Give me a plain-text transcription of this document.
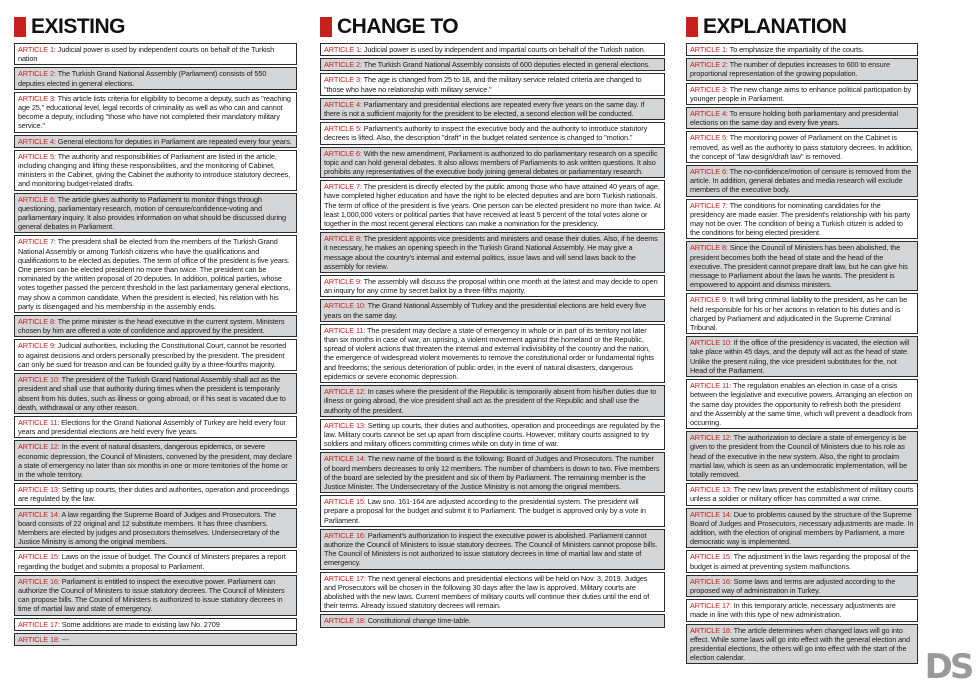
EXISTING
ARTICLE 1: Judicial power is used by independent courts on behalf of the Turkish nation
ARTICLE 2: The Turkish Grand National Assembly (Parliament) consists of 550 deputies elected in general elections.
ARTICLE 3: This article lists criteria for eligibility to become a deputy, such as "reaching age 25," educational level, legal records of criminality as well as who can and cannot become a deputy, including "those who have not completed their mandatory military service."
ARTICLE 4: General elections for deputies in Parliament are repeated every four years.
ARTICLE 5: The authority and responsibilities of Parliament are listed in the article, including changing and lifting these responsibilities, and the monitoring of Cabinet, ministers in the Cabinet, giving the Cabinet the authority to introduce statutory decrees, and monitoring budget-related drafts.
ARTICLE 6: The article gives authority to Parliament to monitor things through questioning, parliamentary research, motion of censure/confidence-voting and parliamentary inquiry. It also provides information on what should be discussed during general debates in Parliament.
ARTICLE 7: The president shall be elected from the members of the Turkish Grand National Assembly or among Turkish citizens who have the qualifications and qualifications to be elected as deputies. The term of office of the president is five years. One person can be elected president no more than twice. The president can be nominated by the written proposal of 20 deputies. In addition, political parties, whose votes together passed the percent threshold in the last parliamentary general elections, may show a common candidate. When the president is elected, his relation with his party is disengaged and his membership in the assembly ends.
ARTICLE 8: The prime minister is the head executive in the current system. Ministers chosen by him are offered a vote of confidence and approved by the president.
ARTICLE 9: Judicial authorities, including the Constitutional Court, cannot be resorted to against decisions and orders personally prescribed by the president. The president can only be sued for treason and can be founded guilty by a three-fourths majority.
ARTICLE 10: The president of the Turkish Grand National Assembly shall act as the president and shall use that authority during times when the president is temporarily absent from his duties, such as illness or going abroad, or if his seat is vacated due to death, withdrawal or any other reason.
ARTICLE 11: Elections for the Grand National Assembly of Turkey are held every four years and presidential elections are held every five years.
ARTICLE 12: In the event of natural disasters, dangerous epidemics, or severe economic depression, the Council of Ministers, convened by the president, may declare a state of emergency no later than six months in one or more territories of the home or in the whole territory.
ARTICLE 13: Setting up courts, their duties and authorities, operation and proceedings are regulated by the law.
ARTICLE 14: A law regarding the Supreme Board of Judges and Prosecutors. The board consists of 22 original and 12 substitute members. It has three chambers. Members are elected by judges and prosecutors themselves. Undersecretary of the Justice Ministry is among the original members.
ARTICLE 15: Laws on the issue of budget. The Council of Ministers prepares a report regarding the budget and submits a proposal to Parliament.
ARTICLE 16: Parliament is entitled to inspect the executive power. Parliament can authorize the Council of Ministers to issue statutory decrees. The Council of Ministers can propose bills. The Council of Ministers is authorized to issue statutory decrees in time of martial law and state of emergency.
ARTICLE 17: Some additions are made to existing law No. 2709
ARTICLE 18: ---
CHANGE TO
ARTICLE 1: Judicial power is used by independent and impartial courts on behalf of the Turkish nation.
ARTICLE 2: The Turkish Grand National Assembly consists of 600 deputies elected in general elections.
ARTICLE 3: The age is changed from 25 to 18, and the military service related criteria are changed to "those who have no relationship with military service."
ARTICLE 4: Parliamentary and presidential elections are repeated every five years on the same day. If there is not a sufficient majority for the president to be elected, a second election will be conducted.
ARTICLE 5: Parliament's authority to inspect the executive body and the authority to introduce statutory decrees is lifted. Also, the description "draft" in the budget related sentence is changed to "motion."
ARTICLE 6: With the new amendment, Parliament is authorized to do parliamentary research on a specific topic and can hold general debates. It also allows members of Parliaments to ask written questions. It also prohibits any representatives of the executive body joining general debates or parliamentary research.
ARTICLE 7: The president is directly elected by the public among those who have attained 40 years of age, have completed higher education and have the right to be elected deputies and are born Turkish nationals. The term of office of the president is five years. One person can be elected president no more than twice. At least 1,000,000 voters or political parties that have received at least 5 percent of the total votes alone or together in the most recent general elections can make a nomination for the presidency.
ARTICLE 8: The president appoints vice presidents and ministers and cease their duties. Also, if he deems it necessary, he makes an opening speech in the Turkish Grand National Assembly. He may give a message about the country's internal and external politics, issue laws and will send laws back to the assembly for review.
ARTICLE 9: The assembly will discuss the proposal within one month at the latest and may decide to open an inquiry for any crime by secret ballot by a three-fifths majority.
ARTICLE 10: The Grand National Assembly of Turkey and the presidential elections are held every five years on the same day.
ARTICLE 11: The president may declare a state of emergency in whole or in part of its territory not later than six months in case of war, an uprising, a violent movement against the homeland or the Republic, spread of violent actions that threaten the internal and external indivisibility of the country and the nation, the emergence of widespread violent movements to remove the constitutional order or fundamental rights and freedoms; the serious deterioration of public order, in the event of natural disasters, dangerous epidemics or severe economic depression.
ARTICLE 12: In cases where the president of the Republic is temporarily absent from his/her duties due to illness or going abroad, the vice president shall act as the president of the Republic and shall use the authority of the president.
ARTICLE 13: Setting up courts, their duties and authorities, operation and proceedings are regulated by the law. Military courts cannot be set up apart from discipline courts. However, military courts assigned to try soldiers and military officers committing crimes while on duty in time of war.
ARTICLE 14: The new name of the board is the following: Board of Judges and Prosecutors. The number of board members decreases to only 12 members. The number of chambers is down to two. Five members of the board are selected by the president and six of them by Parliament. The remaining member is the Justice Minister. The Undersecretary of the Justice Ministry is not among the original members.
ARTICLE 15: Law sno. 161-164 are adjusted according to the presidential system. The president will prepare a proposal for the budget and submit it to Parliament. The budget is approved only by a vote in Parliament.
ARTICLE 16: Parliament's authorization to inspect the executive power is abolished. Parliament cannot authorize the Council of Ministers to issue statutory decrees. The Council of Ministers cannot propose bills. The Council of Ministers is not authorized to issue statutory decrees in time of martial law and state of emergency.
ARTICLE 17: The next general elections and presidential elections will be held on Nov. 3, 2019. Judges and Prosecutors will be chosen in the following 30 days after the law is approved. Military courts are abolished with the new laws. Current members of military courts will continue their duties until the end of their terms. Already issued statutory decrees will remain.
ARTICLE 18: Constitutional change time-table.
EXPLANATION
ARTICLE 1: To emphasize the impartiality of the courts.
ARTICLE 2: The number of deputies increases to 600 to ensure proportional representation of the growing population.
ARTICLE 3: The new change aims to enhance political participation by younger people in Parliament.
ARTICLE 4: To ensure holding both parliamentary and presidential elections on the same day and every five years.
ARTICLE 5: The monitoring power of Parliament on the Cabinet is removed, as well as the authority to pass statutory decrees. In addition, the concept of "law design/draft law" is removed.
ARTICLE 6: The no-confidence/motion of censure is removed from the article. In addition, general debates and media research will exclude members of the executive body.
ARTICLE 7: The conditions for nominating candidates for the presidency are made easier. The president's relationship with his party may not be over. The condition of being a Turkish citizen is added to the conditions for being elected president.
ARTICLE 8: Since the Council of Ministers has been abolished, the president becomes both the head of state and the head of the executive. The president cannot prepare draft law, but he can give his message to Parliament about the laws he wants. The president is empowered to appoint and dismiss ministers.
ARTICLE 9: It will bring criminal liability to the president, as he can be held responsible for his or her actions in relation to his duties and is charged by Parliament and adjudicated in the Supreme Criminal Tribunal.
ARTICLE 10: If the office of the presidency is vacated, the election will take place within 45 days, and the deputy will act as the head of state. Unlike the present ruling, the vice president substitutes for the, not Head of the Parliament.
ARTICLE 11: The regulation enables an election in case of a crisis between the legislative and executive powers. Arranging an election on the same day provides the opportunity to refresh both the president and the Assembly at the same time, which will prevent a deadlock from occurring.
ARTICLE 12: The authorization to declare a state of emergency is be given to the president from the Council of Ministers due to his role as head of the executive in the new system. Also, the right to proclaim martial law, which is seen as an undemocratic implementation, will be totally removed.
ARTICLE 13: The new laws prevent the establishment of military courts unless a soldier or military officer has committed a war crime.
ARTICLE 14: Due to problems caused by the structure of the Supreme Board of Judges and Prosecutors, necessary adjustments are made. In addition, with the election of original members by Parliament, a more democratic way is implemented.
ARTICLE 15: The adjustment in the laws regarding the proposal of the budget is aimed at preventing system malfunctions.
ARTICLE 16: Some laws and terms are adjusted according to the proposed way of administration in Turkey.
ARTICLE 17: In this temporary article, necessary adjustments are made in line with this type of new administration.
ARTICLE 18: The article determines when changed laws will go into effect. While some laws will go into effect with the general election and presidential elections, the others will go into effect with the start of the election calendar.	DS
